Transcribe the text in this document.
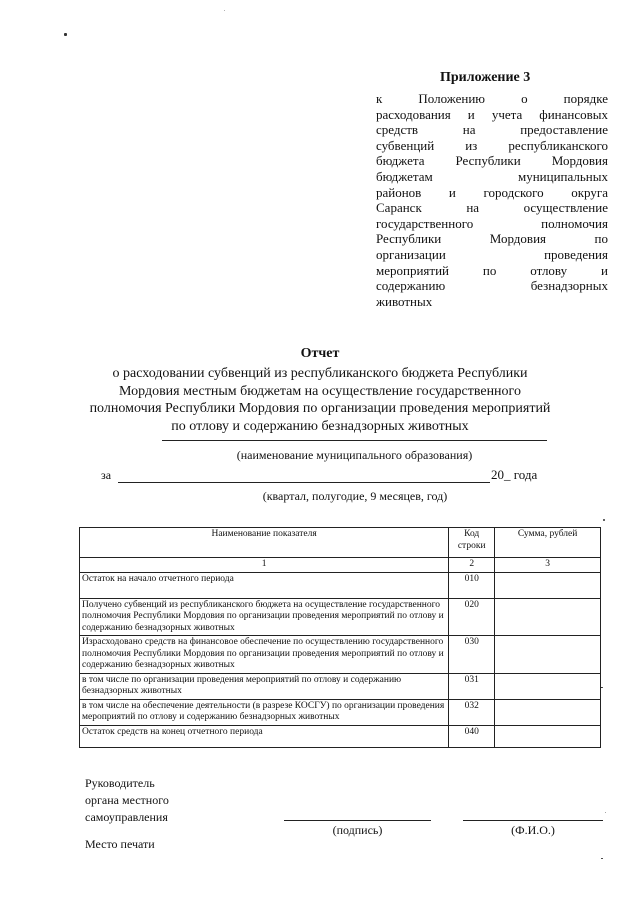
Приложение 3
к Положению о порядке
расходования и учета финансовых
средств на предоставление
субвенций из республиканского
бюджета Республики Мордовия
бюджетам муниципальных
районов и городского округа
Саранск на осуществление
государственного полномочия
Республики Мордовия по
организации проведения
мероприятий по отлову и
содержанию безнадзорных
животных
Отчет
о расходовании субвенций из республиканского бюджета Республики
Мордовия местным бюджетам на осуществление государственного
полномочия Республики Мордовия по организации проведения мероприятий
по отлову и содержанию безнадзорных животных
(наименование муниципального образования)
за	20_ года
(квартал, полугодие, 9 месяцев, год)
Наименование показателя	Код строки	Сумма, рублей
1	2	3
Остаток на начало отчетного периода	010	
Получено субвенций из республиканского бюджета на осуществление государственного полномочия Республики Мордовия по организации проведения мероприятий по отлову и содержанию безнадзорных животных	020	
Израсходовано средств на финансовое обеспечение по осуществлению государственного полномочия Республики Мордовия по организации проведения мероприятий по отлову и содержанию безнадзорных животных	030	
в том числе по организации проведения мероприятий по отлову и содержанию безнадзорных животных	031	
в том числе на обеспечение деятельности (в разрезе КОСГУ) по организации проведения мероприятий по отлову и содержанию безнадзорных животных	032	
Остаток средств на конец отчетного периода	040	
Руководитель
органа местного
самоуправления
(подпись)	(Ф.И.О.)
Место печати
